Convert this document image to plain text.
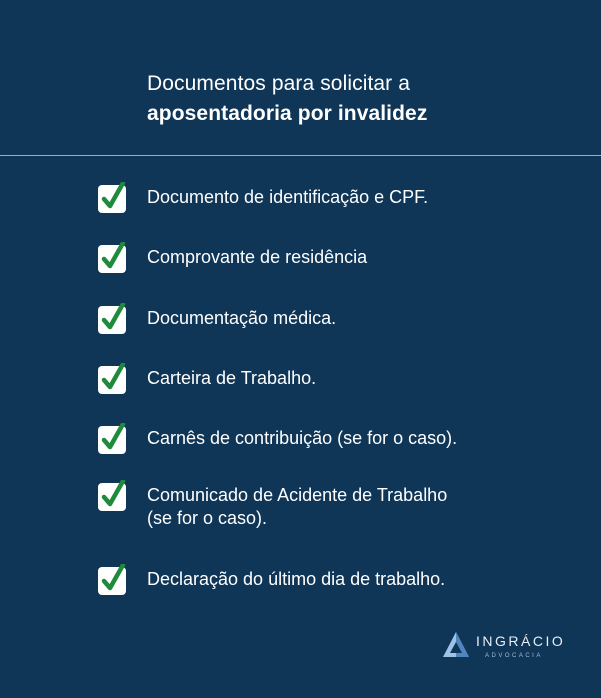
Documentos para solicitar a
aposentadoria por invalidez
Documento de identificação e CPF.
Comprovante de residência
Documentação médica.
Carteira de Trabalho.
Carnês de contribuição (se for o caso).
Comunicado de Acidente de Trabalho
(se for o caso).
Declaração do último dia de trabalho.
INGRÁCIO
ADVOCACIA
